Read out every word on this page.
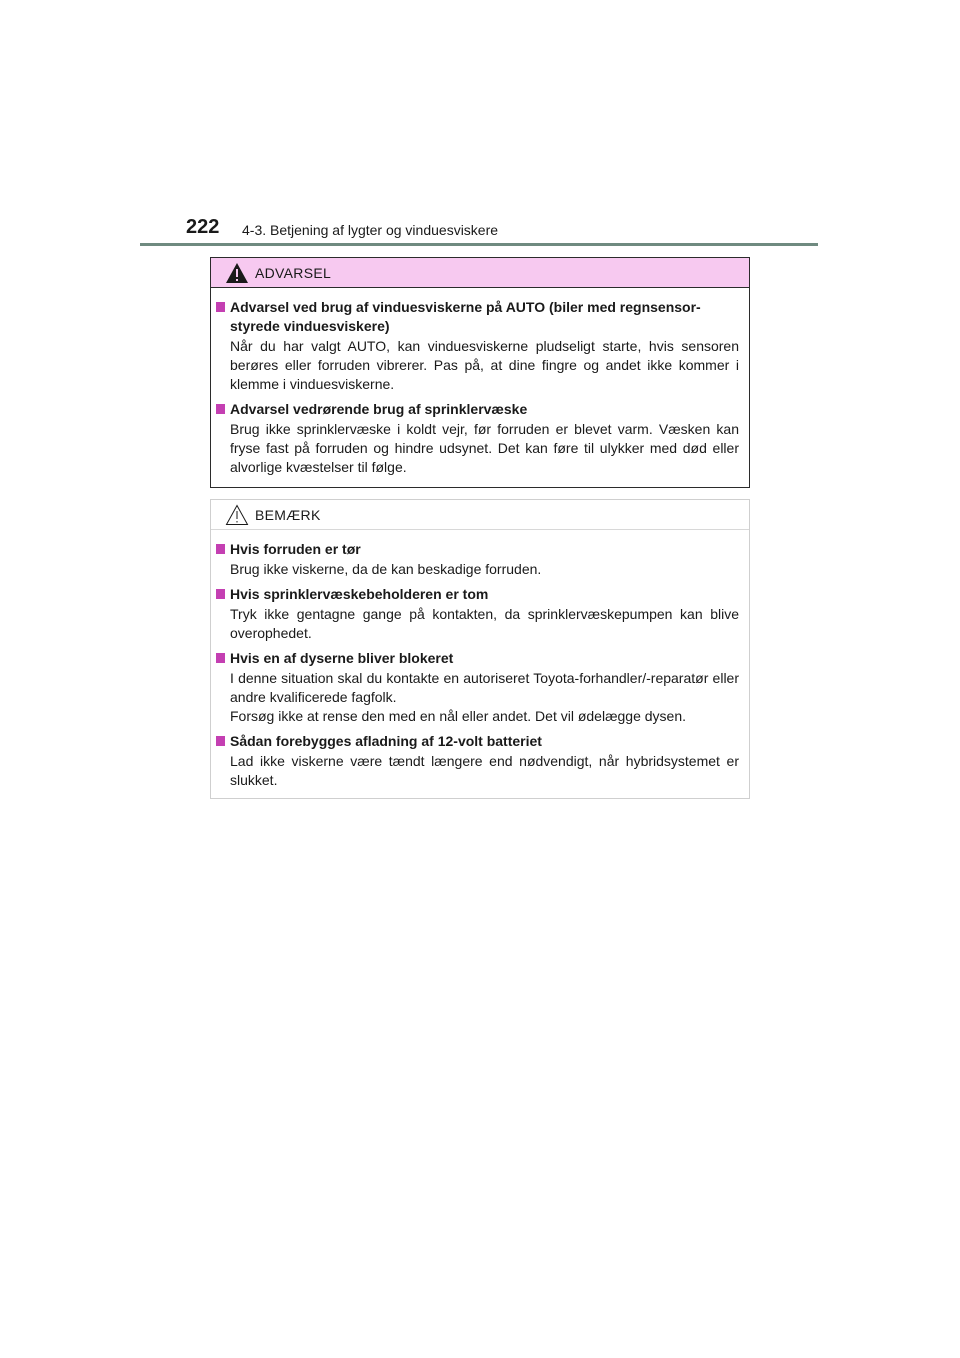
222 4-3. Betjening af lygter og vinduesviskere
ADVARSEL
Advarsel ved brug af vinduesviskerne på AUTO (biler med regnsensor-styrede vinduesviskere)
Når du har valgt AUTO, kan vinduesviskerne pludseligt starte, hvis sensoren berøres eller forruden vibrerer. Pas på, at dine fingre og andet ikke kommer i klemme i vinduesviskerne.
Advarsel vedrørende brug af sprinklervæske
Brug ikke sprinklervæske i koldt vejr, før forruden er blevet varm. Væsken kan fryse fast på forruden og hindre udsynet. Det kan føre til ulykker med død eller alvorlige kvæstelser til følge.
BEMÆRK
Hvis forruden er tør
Brug ikke viskerne, da de kan beskadige forruden.
Hvis sprinklervæskebeholderen er tom
Tryk ikke gentagne gange på kontakten, da sprinklervæskepumpen kan blive overophedet.
Hvis en af dyserne bliver blokeret
I denne situation skal du kontakte en autoriseret Toyota-forhandler/-reparatør eller andre kvalificerede fagfolk.
Forsøg ikke at rense den med en nål eller andet. Det vil ødelægge dysen.
Sådan forebygges afladning af 12-volt batteriet
Lad ikke viskerne være tændt længere end nødvendigt, når hybridsystemet er slukket.
